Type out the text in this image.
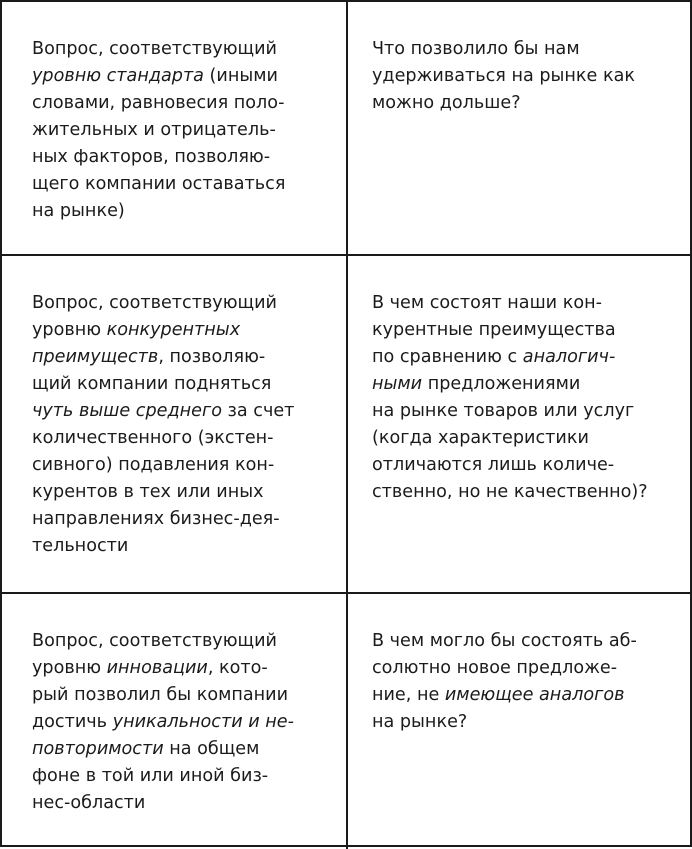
Вопрос, соответствующий
уровню стандарта (иными
словами, равновесия поло-
жительных и отрицатель-
ных факторов, позволяю-
щего компании оставаться
на рынке)
Что позволило бы нам
удерживаться на рынке как
можно дольше?
Вопрос, соответствующий
уровню конкурентных
преимуществ, позволяю-
щий компании подняться
чуть выше среднего за счет
количественного (экстен-
сивного) подавления кон-
курентов в тех или иных
направлениях бизнес-дея-
тельности
В чем состоят наши кон-
курентные преимущества
по сравнению с аналогич-
ными предложениями
на рынке товаров или услуг
(когда характеристики
отличаются лишь количе-
ственно, но не качественно)?
Вопрос, соответствующий
уровню инновации, кото-
рый позволил бы компании
достичь уникальности и не-
повторимости на общем
фоне в той или иной биз-
нес-области
В чем могло бы состоять аб-
солютно новое предложе-
ние, не имеющее аналогов
на рынке?
